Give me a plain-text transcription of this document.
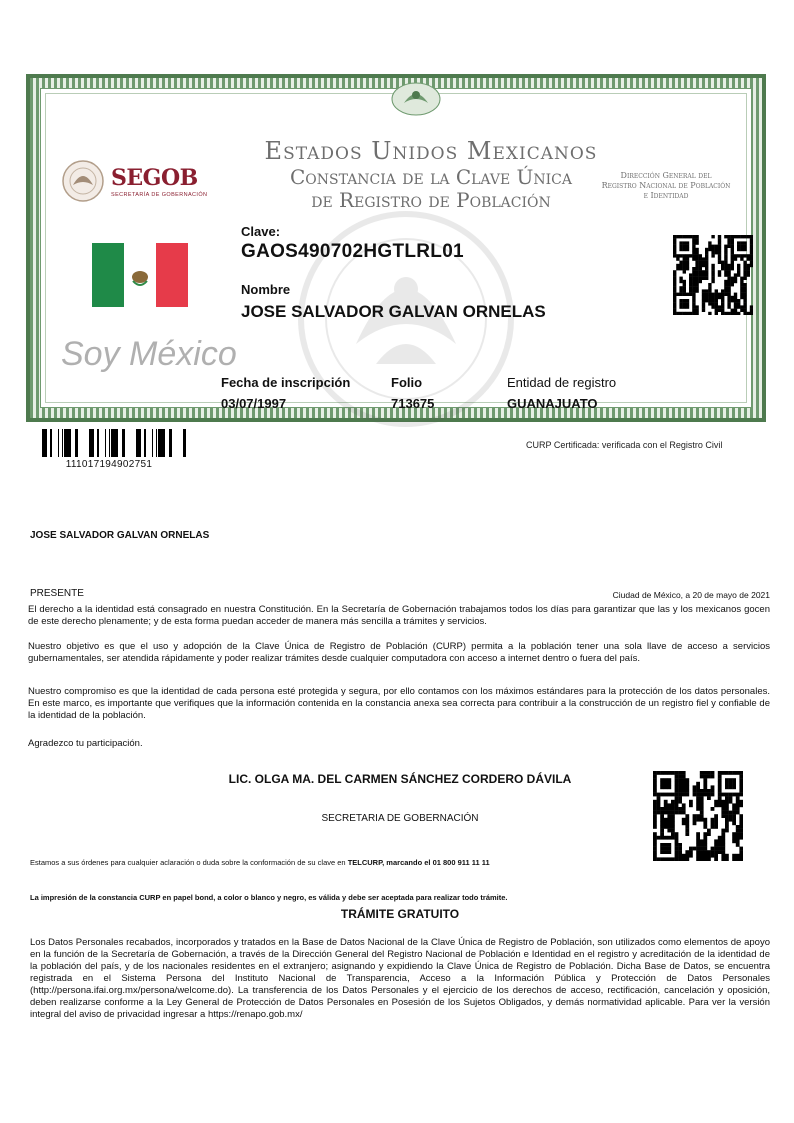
SEGOB
SECRETARÍA DE GOBERNACIÓN
Estados Unidos Mexicanos
Constancia de la Clave Única
de Registro de Población
Dirección General del
Registro Nacional de Población
e Identidad
Soy México
Clave:
GAOS490702HGTLRL01
Nombre
JOSE SALVADOR GALVAN ORNELAS
Fecha de inscripción
03/07/1997
Folio
713675
Entidad de registro
GUANAJUATO
111017194902751
CURP Certificada: verificada con el Registro Civil
JOSE SALVADOR GALVAN ORNELAS
PRESENTE	Ciudad de México, a 20 de mayo de 2021
El derecho a la identidad está consagrado en nuestra Constitución. En la Secretaría de Gobernación trabajamos todos los días para garantizar que las y los mexicanos gocen de este derecho plenamente; y de esta forma puedan acceder de manera más sencilla a trámites y servicios.
Nuestro objetivo es que el uso y adopción de la Clave Única de Registro de Población (CURP) permita a la población tener una sola llave de acceso a servicios gubernamentales, ser atendida rápidamente y poder realizar trámites desde cualquier computadora con acceso a internet dentro o fuera del país.
Nuestro compromiso es que la identidad de cada persona esté protegida y segura, por ello contamos con los máximos estándares para la protección de los datos personales. En este marco, es importante que verifiques que la información contenida en la constancia anexa sea correcta para contribuir a la construcción de un registro fiel y confiable de la identidad de la población.
Agradezco tu participación.
LIC. OLGA MA. DEL CARMEN SÁNCHEZ CORDERO DÁVILA
SECRETARIA DE GOBERNACIÓN
Estamos a sus órdenes para cualquier aclaración o duda sobre la conformación de su clave en TELCURP, marcando el 01 800 911 11 11
La impresión de la constancia CURP en papel bond, a color o blanco y negro, es válida y debe ser aceptada para realizar todo trámite.
TRÁMITE GRATUITO
Los Datos Personales recabados, incorporados y tratados en la Base de Datos Nacional de la Clave Única de Registro de Población, son utilizados como elementos de apoyo en la función de la Secretaría de Gobernación, a través de la Dirección General del Registro Nacional de Población e Identidad en el registro y acreditación de la identidad de la población del país, y de los nacionales residentes en el extranjero; asignando y expidiendo la Clave Única de Registro de Población. Dicha Base de Datos, se encuentra registrada en el Sistema Persona del Instituto Nacional de Transparencia, Acceso a la Información Pública y Protección de Datos Personales (http://persona.ifai.org.mx/persona/welcome.do). La transferencia de los Datos Personales y el ejercicio de los derechos de acceso, rectificación, cancelación y oposición, deben realizarse conforme a la Ley General de Protección de Datos Personales en Posesión de los Sujetos Obligados, y demás normatividad aplicable. Para ver la versión integral del aviso de privacidad ingresar a https://renapo.gob.mx/
